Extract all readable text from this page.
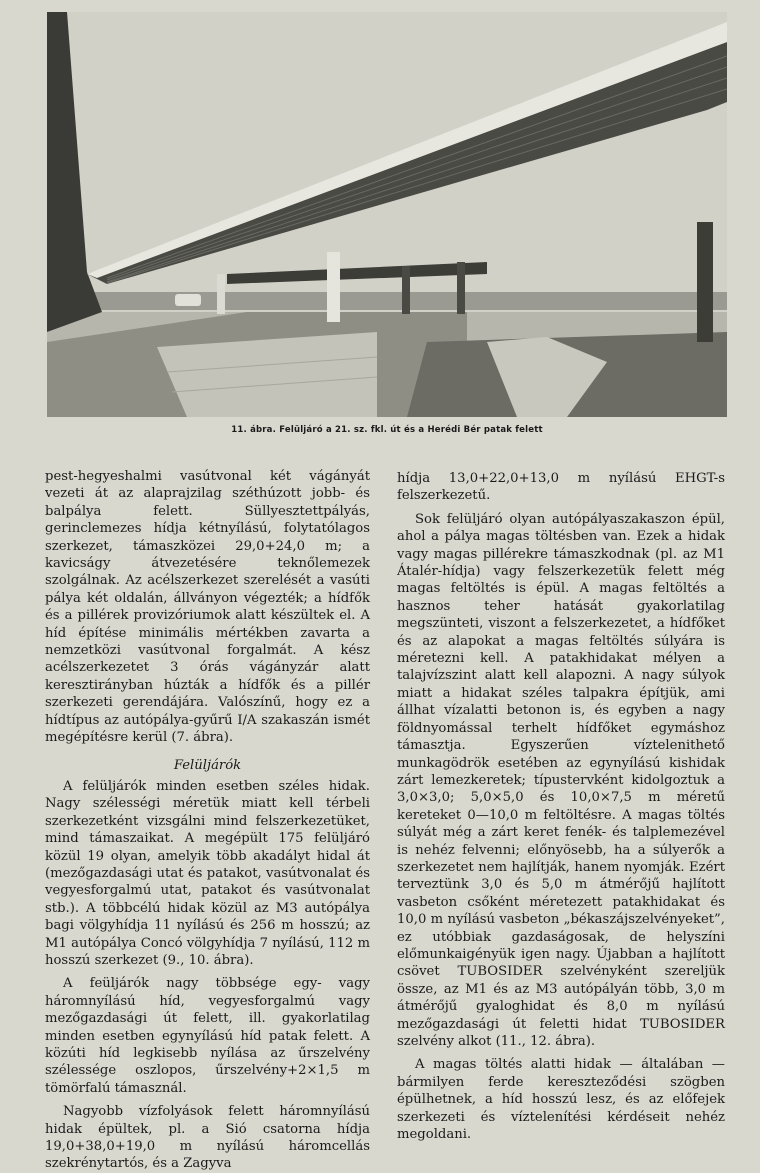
11. ábra. Felüljáró a 21. sz. fkl. út és a Herédi Bér patak felett

pest-hegyeshalmi vasútvonal két vágányát vezeti át az alaprajzilag széthúzott jobb- és balpálya felett. Süllyesztettpályás, gerinclemezes hídja kétnyílású, folytatólagos szerkezet, támaszközei 29,0+24,0 m; a kavicságy átvezetésére teknőlemezek szolgálnak. Az acélszerkezet szerelését a vasúti pálya két oldalán, állványon végezték; a hídfők és a pillérek provizóriumok alatt készültek el. A híd építése minimális mértékben zavarta a nemzetközi vasútvonal forgalmát. A kész acélszerkezetet 3 órás vágányzár alatt keresztirányban húzták a hídfők és a pillér szerkezeti gerendájára. Valószínű, hogy ez a hídtípus az autópálya-gyűrű I/A szakaszán ismét megépítésre kerül (7. ábra).

Felüljárók

A felüljárók minden esetben széles hidak. Nagy szélességi méretük miatt kell térbeli szerkezetként vizsgálni mind felszerkezetüket, mind támaszaikat. A megépült 175 felüljáró közül 19 olyan, amelyik több akadályt hidal át (mezőgazdasági utat és patakot, vasútvonalat és vegyesforgalmú utat, patakot és vasútvonalat stb.). A többcélú hidak közül az M3 autópálya bagi völgyhídja 11 nyílású és 256 m hosszú; az M1 autópálya Concó völgyhídja 7 nyílású, 112 m hosszú szerkezet (9., 10. ábra).

A feüljárók nagy többsége egy- vagy háromnyílású híd, vegyesforgalmú vagy mezőgazdasági út felett, ill. gyakorlatilag minden esetben egynyílású híd patak felett. A közúti híd legkisebb nyílása az űrszelvény szélessége oszlopos, űrszelvény+2×1,5 m tömörfalú támasznál.

Nagyobb vízfolyások felett háromnyílású hidak épültek, pl. a Sió csatorna hídja 19,0+38,0+19,0 m nyílású háromcellás szekrénytartós, és a Zagyva

hídja 13,0+22,0+13,0 m nyílású EHGT-s felszerkezetű.

Sok felüljáró olyan autópályaszakaszon épül, ahol a pálya magas töltésben van. Ezek a hidak vagy magas pillérekre támaszkodnak (pl. az M1 Átalér-hídja) vagy felszerkezetük felett még magas feltöltés is épül. A magas feltöltés a hasznos teher hatását gyakorlatilag megszünteti, viszont a felszerkezetet, a hídfőket és az alapokat a magas feltöltés súlyára is méretezni kell. A patakhidakat mélyen a talajvízszint alatt kell alapozni. A nagy súlyok miatt a hidakat széles talpakra építjük, ami állhat vízalatti betonon is, és egyben a nagy földnyomással terhelt hídfőket egymáshoz támasztja. Egyszerűen víztelenithető munkagödrök esetében az egynyílású kishidak zárt lemezkeretek; típustervként kidolgoztuk a 3,0×3,0; 5,0×5,0 és 10,0×7,5 m méretű kereteket 0—10,0 m feltöltésre. A magas töltés súlyát még a zárt keret fenék- és talplemezével is nehéz felvenni; előnyösebb, ha a súlyerők a szerkezetet nem hajlítják, hanem nyomják. Ezért terveztünk 3,0 és 5,0 m átmérőjű hajlított vasbeton csőként méretezett patakhidakat és 10,0 m nyílású vasbeton „békaszájszelvényeket”, ez utóbbiak gazdaságosak, de helyszíni előmunkaigényük igen nagy. Újabban a hajlított csövet TUBOSIDER szelvényként szereljük össze, az M1 és az M3 autópályán több, 3,0 m átmérőjű gyaloghidat és 8,0 m nyílású mezőgazdasági út feletti hidat TUBOSIDER szelvény alkot (11., 12. ábra).

A magas töltés alatti hidak — általában — bármilyen ferde kereszteződési szögben épülhetnek, a híd hosszú lesz, és az előfejek szerkezeti és víztelenítési kérdéseit nehéz megoldani.
